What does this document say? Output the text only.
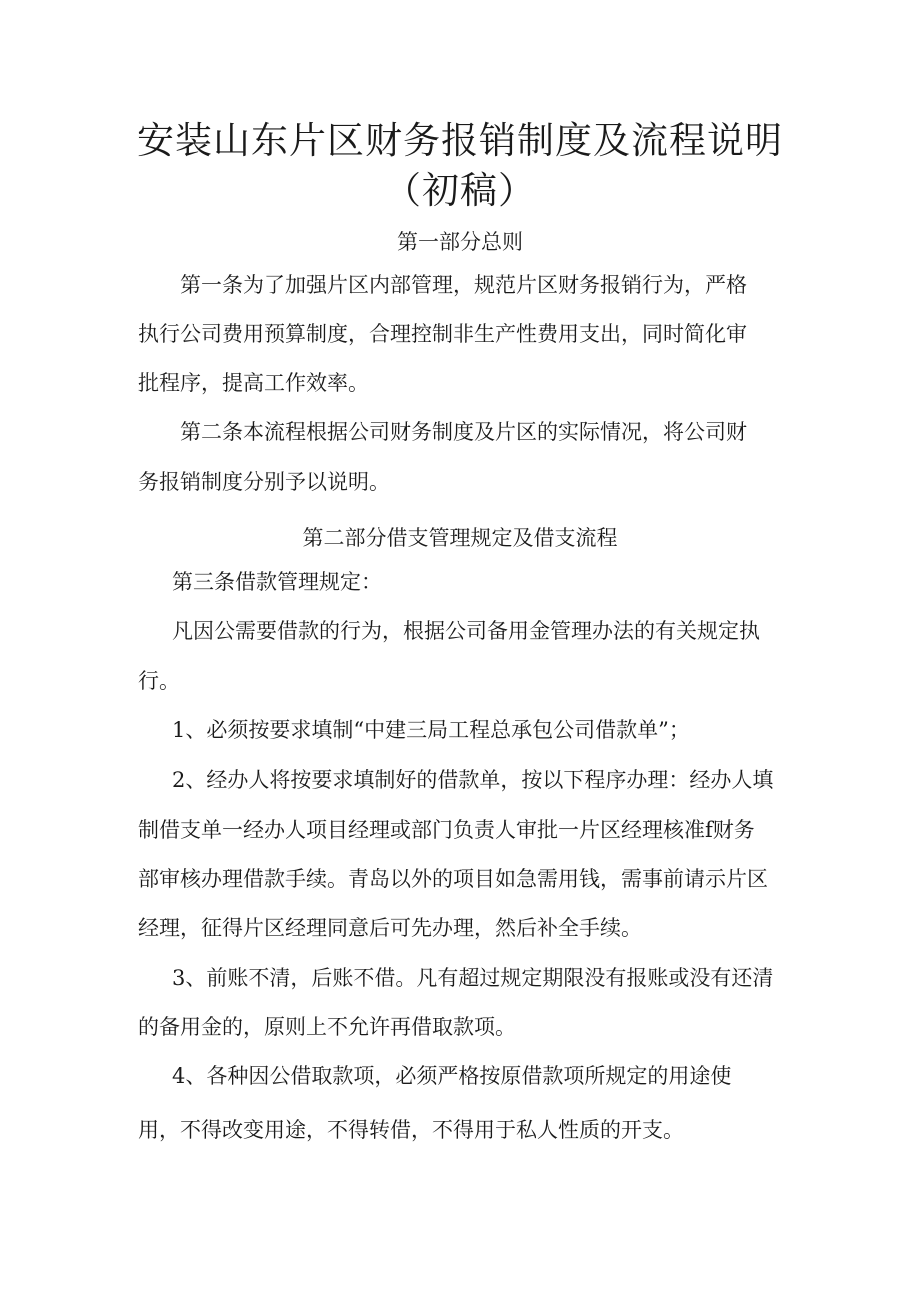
安装山东片区财务报销制度及流程说明
（初稿）
第一部分总则
第一条为了加强片区内部管理，规范片区财务报销行为，严格
执行公司费用预算制度，合理控制非生产性费用支出，同时简化审
批程序，提高工作效率。
第二条本流程根据公司财务制度及片区的实际情况，将公司财
务报销制度分别予以说明。
第二部分借支管理规定及借支流程
第三条借款管理规定：
凡因公需要借款的行为，根据公司备用金管理办法的有关规定执
行。
1、必须按要求填制“中建三局工程总承包公司借款单”；
2、经办人将按要求填制好的借款单，按以下程序办理：经办人填
制借支单一经办人项目经理或部门负责人审批一片区经理核准f财务
部审核办理借款手续。青岛以外的项目如急需用钱，需事前请示片区
经理，征得片区经理同意后可先办理，然后补全手续。
3、前账不清，后账不借。凡有超过规定期限没有报账或没有还清
的备用金的，原则上不允许再借取款项。
4、各种因公借取款项，必须严格按原借款项所规定的用途使
用，不得改变用途，不得转借，不得用于私人性质的开支。
